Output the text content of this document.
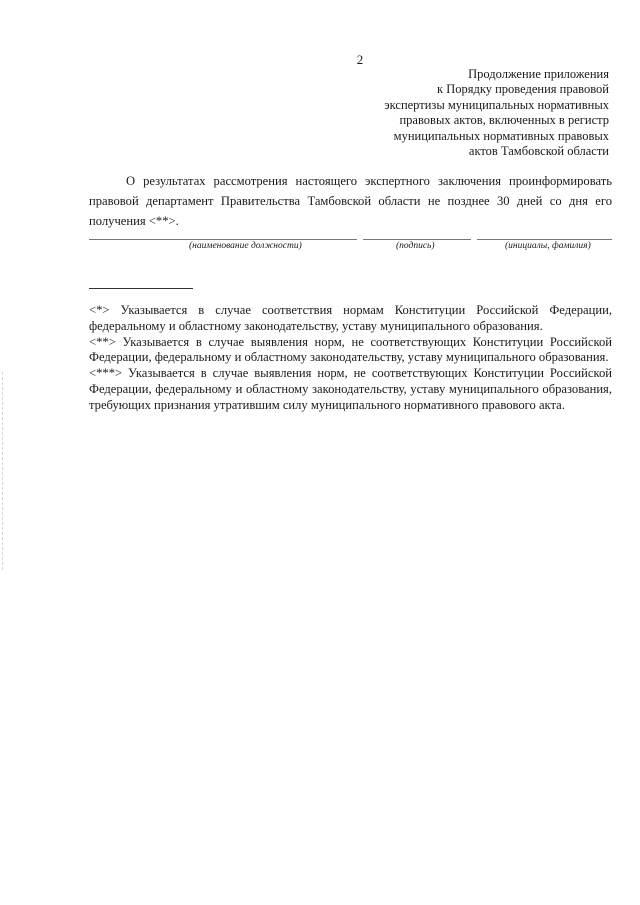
2
Продолжение приложения
к Порядку проведения правовой
экспертизы муниципальных нормативных
правовых актов, включенных в регистр
муниципальных нормативных правовых
актов Тамбовской области

О результатах рассмотрения настоящего экспертного заключения проинформировать правовой департамент Правительства Тамбовской области не позднее 30 дней со дня его получения <**>.

(наименование должности)	(подпись)	(инициалы, фамилия)

<*> Указывается в случае соответствия нормам Конституции Российской Федерации, федеральному и областному законодательству, уставу муниципального образования.

<**> Указывается в случае выявления норм, не соответствующих Конституции Российской Федерации, федеральному и областному законодательству, уставу муниципального образования.

<***> Указывается в случае выявления норм, не соответствующих Конституции Российской Федерации, федеральному и областному законодательству, уставу муниципального образования, требующих признания утратившим силу муниципального нормативного правового акта.
